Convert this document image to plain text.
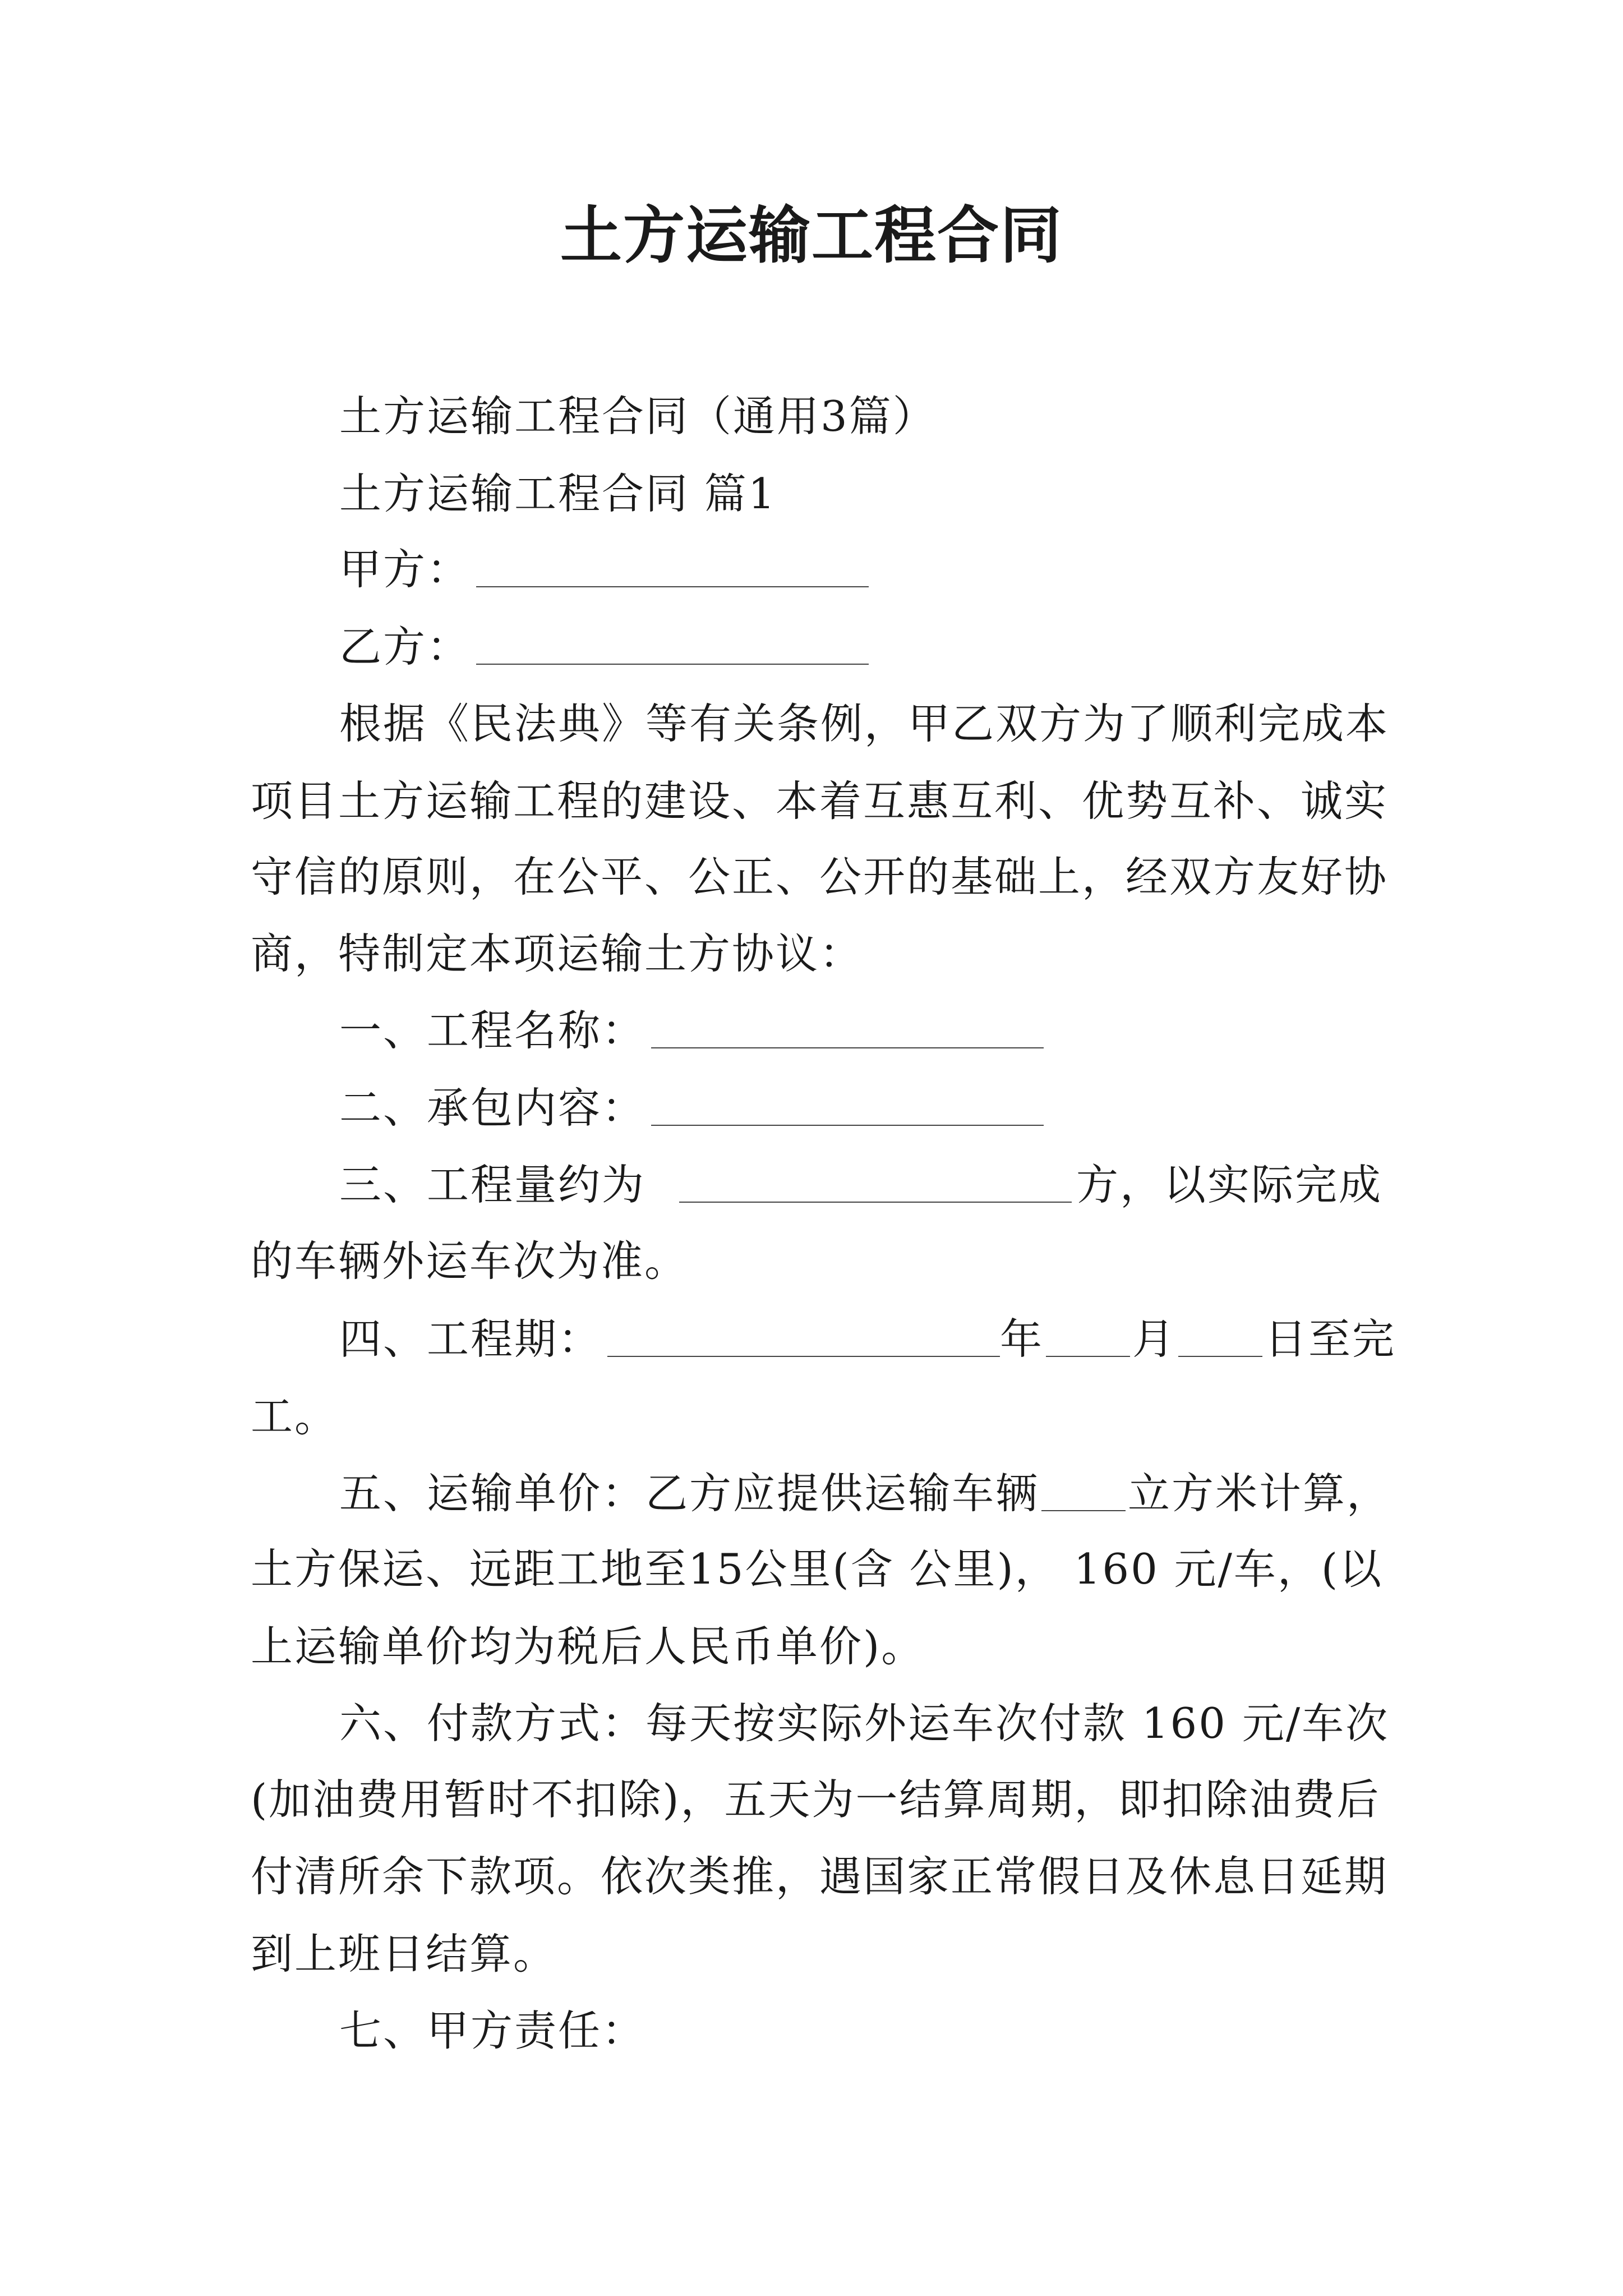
土方运输工程合同
土方运输工程合同（通用3篇）
土方运输工程合同 篇1
甲方：
乙方：
根据《民法典》等有关条例，甲乙双方为了顺利完成本
项目土方运输工程的建设、本着互惠互利、优势互补、诚实
守信的原则，在公平、公正、公开的基础上，经双方友好协
商，特制定本项运输土方协议：
一、工程名称：
二、承包内容：
三、工程量约为	方，以实际完成
的车辆外运车次为准。
四、工程期：	年 月 日至完
工。
五、运输单价：乙方应提供运输车辆 立方米计算，
土方保运、远距工地至15公里(含 公里)， 160 元/车，(以
上运输单价均为税后人民币单价)。
六、付款方式：每天按实际外运车次付款 160 元/车次
(加油费用暂时不扣除)，五天为一结算周期，即扣除油费后
付清所余下款项。依次类推，遇国家正常假日及休息日延期
到上班日结算。
七、甲方责任：
